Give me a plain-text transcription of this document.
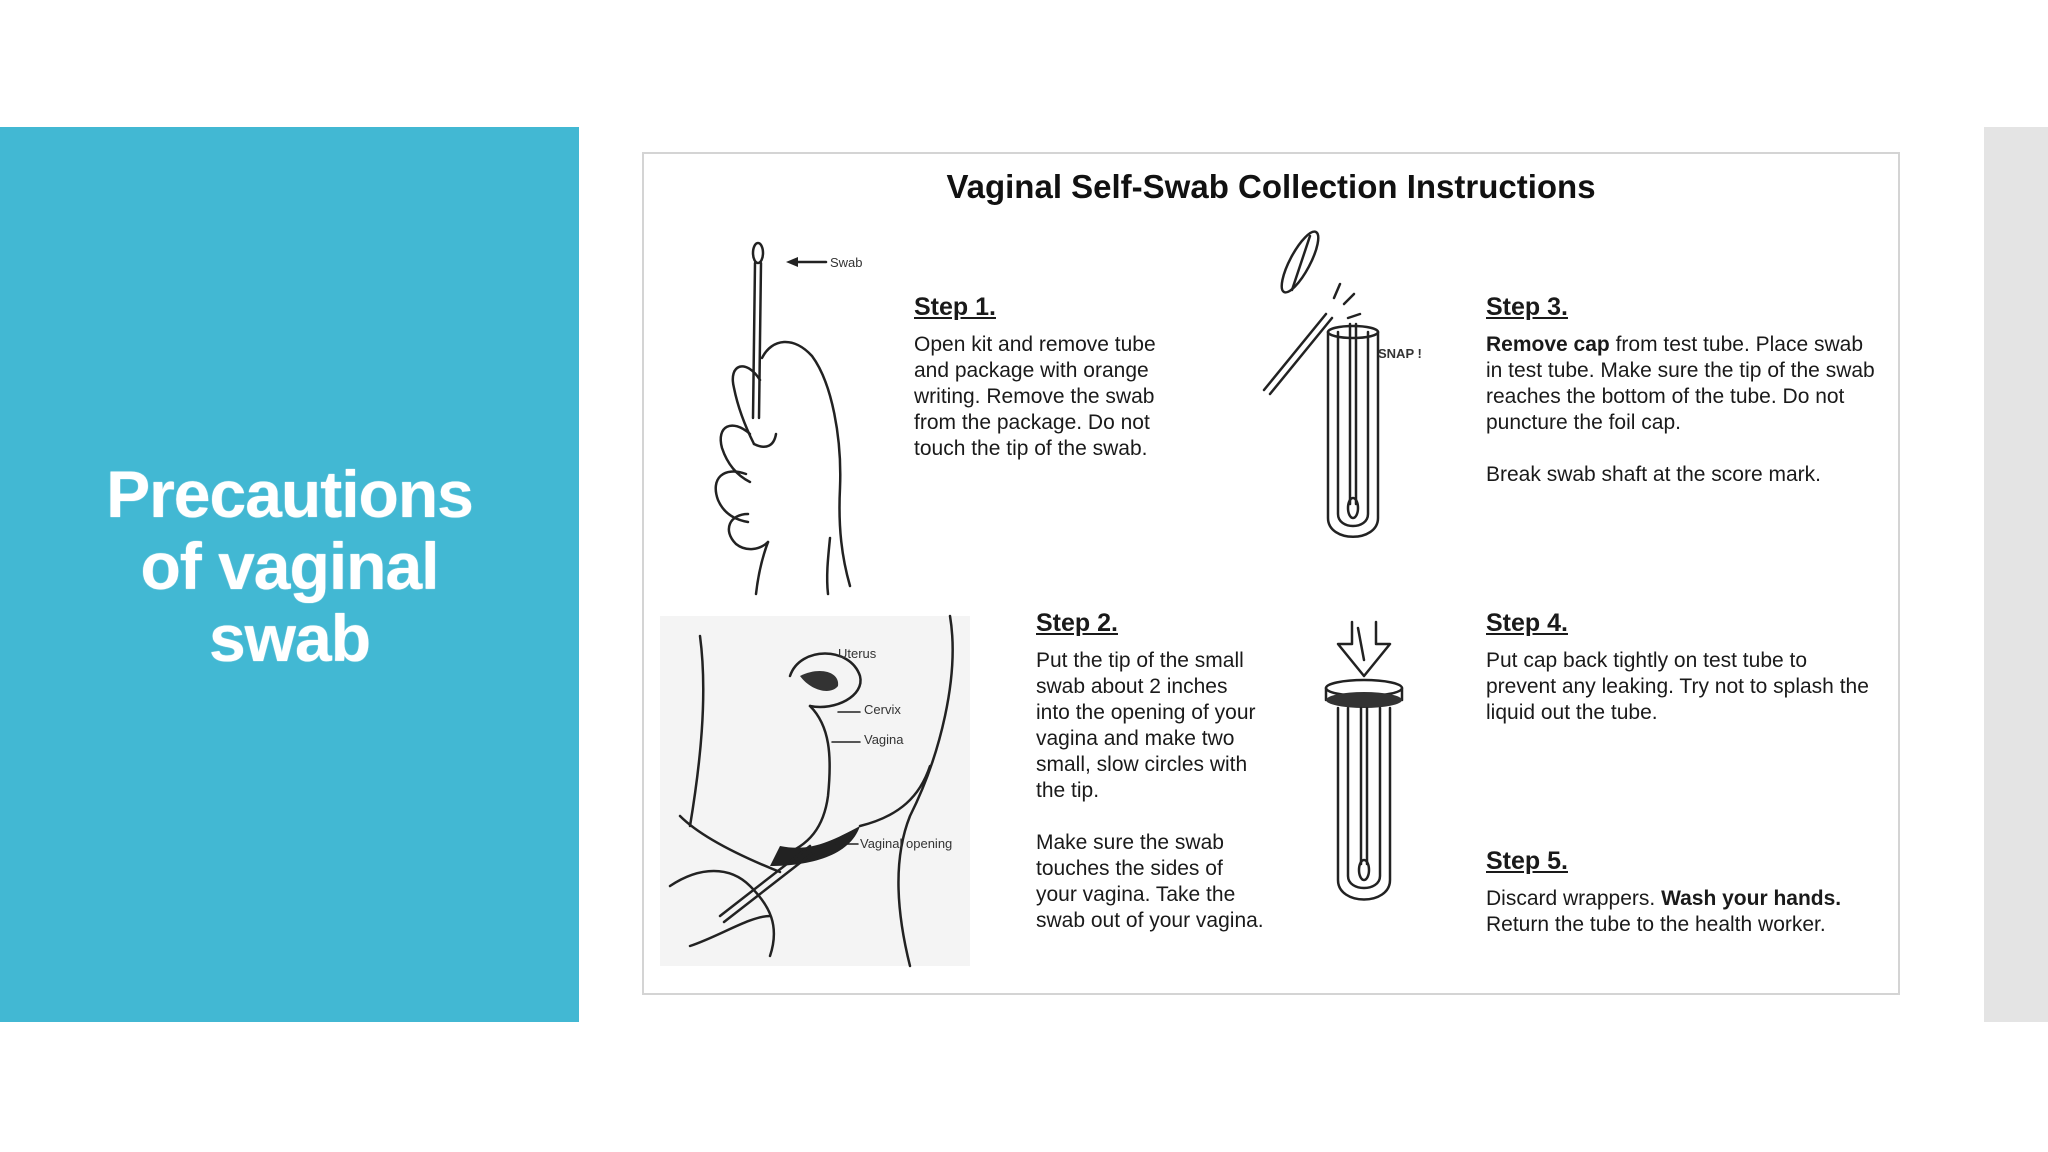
Precautions
of vaginal
swab
Vaginal Self-Swab Collection Instructions
Swab
Step 1.
Open kit and remove tube and package with orange writing. Remove the swab from the package. Do not touch the tip of the swab.
SNAP !
Step 3.
Remove cap from test tube. Place swab in test tube. Make sure the tip of the swab reaches the bottom of the tube. Do not puncture the foil cap.
Break swab shaft at the score mark.
Uterus
Cervix
Vagina
Vaginal opening
Step 2.
Put the tip of the small swab about 2 inches into the opening of your vagina and make two small, slow circles with the tip.
Make sure the swab touches the sides of your vagina. Take the swab out of your vagina.
Step 4.
Put cap back tightly on test tube to prevent any leaking. Try not to splash the liquid out the tube.
Step 5.
Discard wrappers. Wash your hands. Return the tube to the health worker.
